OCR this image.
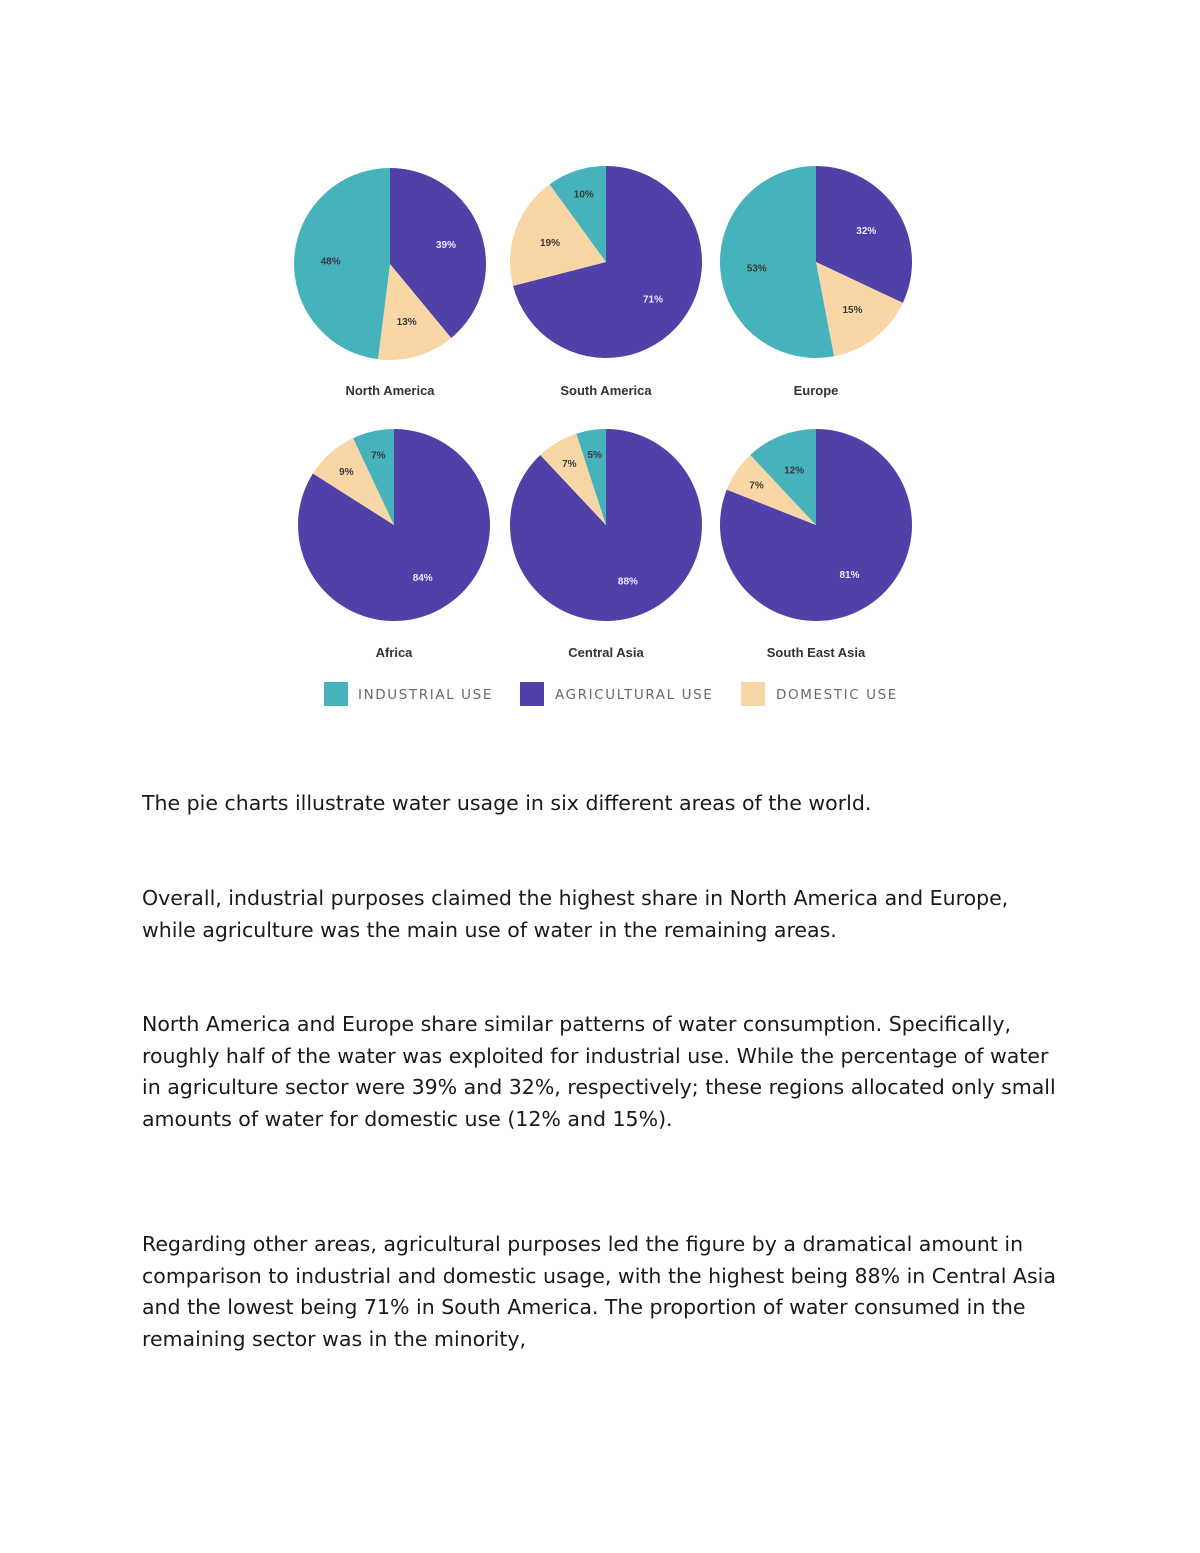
39%
13%
48%
North America
71%
19%
10%
South America
32%
15%
53%
Europe
84%
9%
7%
Africa
88%
7%
5%
Central Asia
81%
7%
12%
South East Asia
INDUSTRIAL USE	AGRICULTURAL USE	DOMESTIC USE

The pie charts illustrate water usage in six different areas of the world.

Overall, industrial purposes claimed the highest share in North America and Europe, while agriculture was the main use of water in the remaining areas.

North America and Europe share similar patterns of water consumption. Specifically, roughly half of the water was exploited for industrial use. While the percentage of water in agriculture sector were 39% and 32%, respectively; these regions allocated only small amounts of water for domestic use (12% and 15%).

Regarding other areas, agricultural purposes led the figure by a dramatical amount in comparison to industrial and domestic usage, with the highest being 88% in Central Asia and the lowest being 71% in South America. The proportion of water consumed in the remaining sector was in the minority,
